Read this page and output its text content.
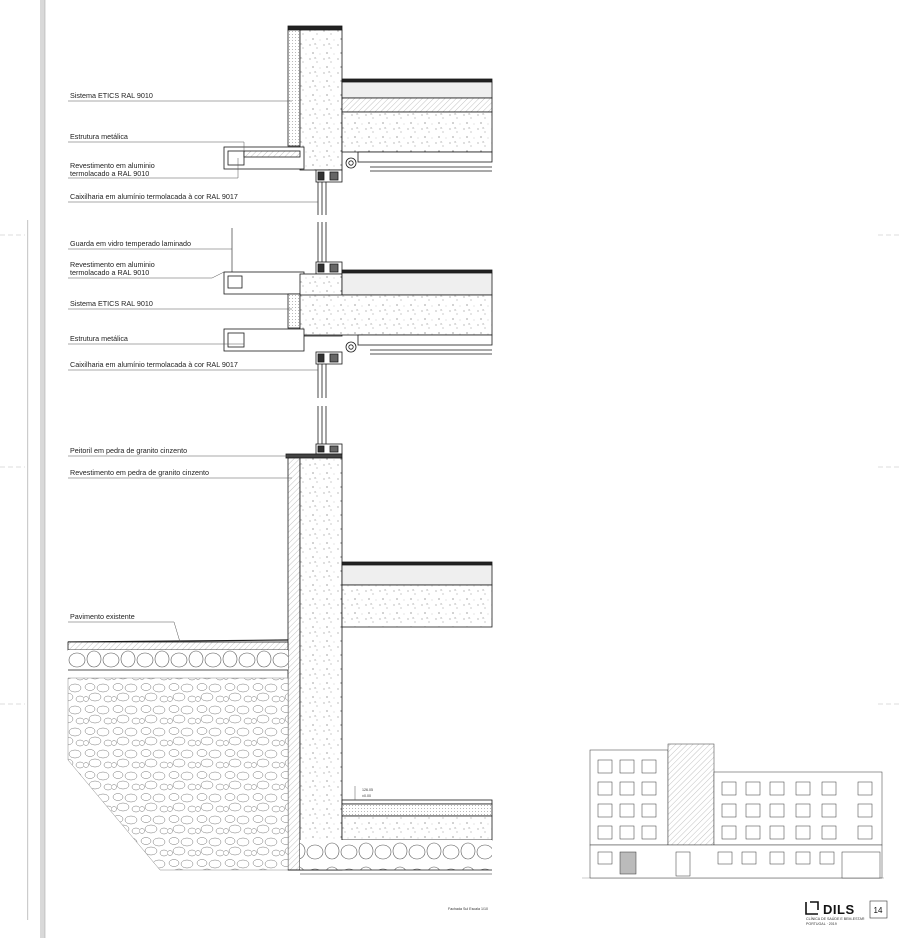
Sistema ETICS RAL 9010
Estrutura metálica
Revestimento em aluminio
termolacado a RAL 9010
Caixilharia em alumínio termolacada à cor RAL 9017
Guarda em vidro temperado laminado
Revestimento em aluminio
termolacado a RAL 9010
Sistema ETICS RAL 9010
Estrutura metálica
Caixilharia em alumínio termolacada à cor RAL 9017
Peitoril em pedra de granito cinzento
Revestimento em pedra de granito cinzento
Pavimento existente
126.05
±0.00
Fachada Sul Escala 1/10	DILS
CLÍNICA DE SAÚDE E BEM-ESTAR
PORTUGAL · 2019
14
